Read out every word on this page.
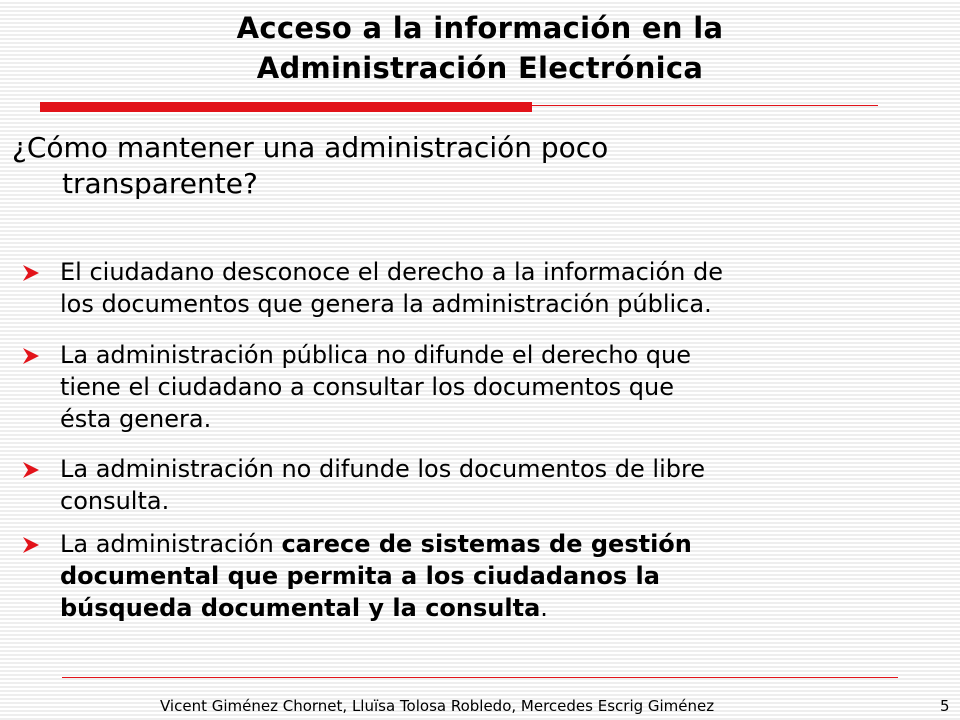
Acceso a la información en la
Administración Electrónica
¿Cómo mantener una administración poco
transparente?
El ciudadano desconoce el derecho a la información de
los documentos que genera la administración pública.
La administración pública no difunde el derecho que
tiene el ciudadano a consultar los documentos que
ésta genera.
La administración no difunde los documentos de libre
consulta.
La administración carece de sistemas de gestión
documental que permita a los ciudadanos la
búsqueda documental y la consulta.
Vicent Giménez Chornet, Lluïsa Tolosa Robledo, Mercedes Escrig Giménez	5
